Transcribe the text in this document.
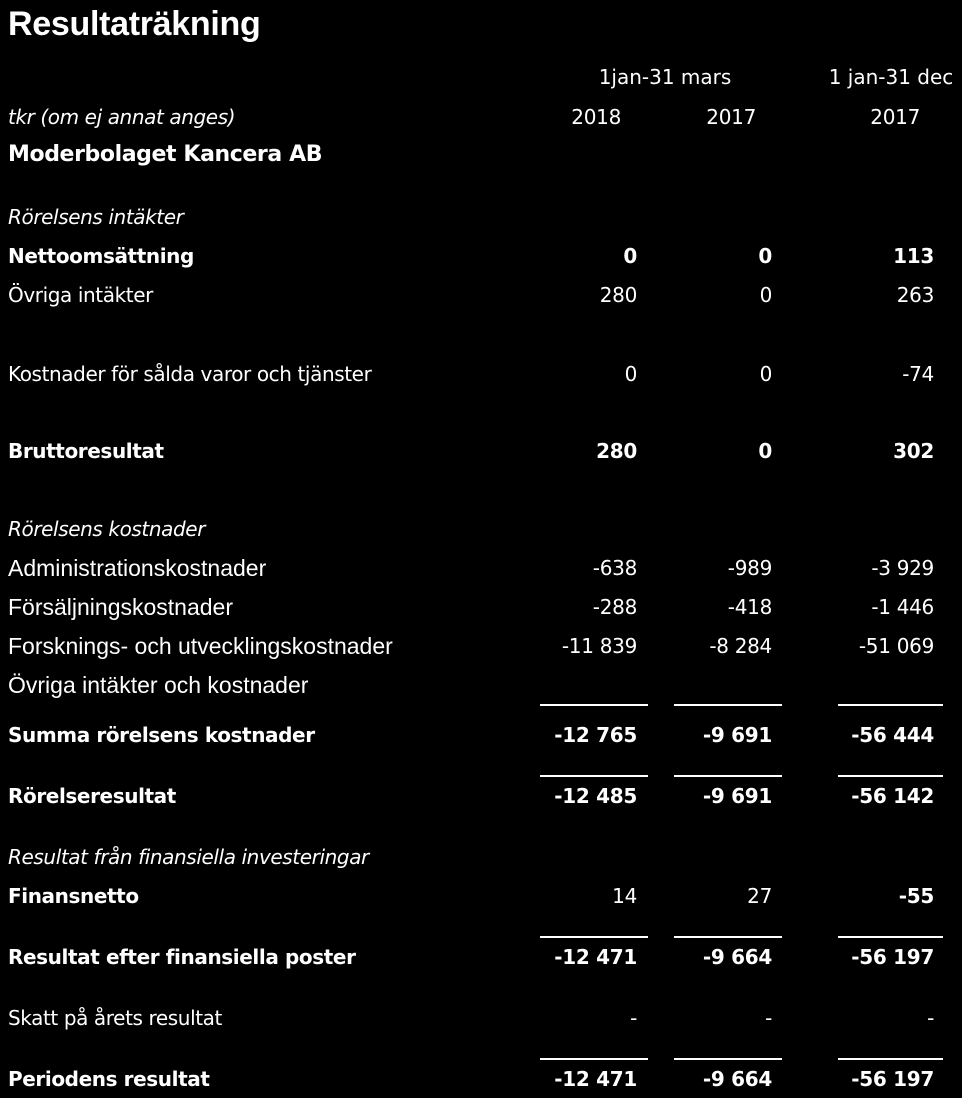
Resultaträkning
1jan-31 mars	1 jan-31 dec
tkr (om ej annat anges)	2018	2017	2017
Moderbolaget Kancera AB
Rörelsens intäkter
Nettoomsättning	0	0	113
Övriga intäkter	280	0	263
Kostnader för sålda varor och tjänster	0	0	-74
Bruttoresultat	280	0	302
Rörelsens kostnader
Administrationskostnader	-638	-989	-3 929
Försäljningskostnader	-288	-418	-1 446
Forsknings- och utvecklingskostnader	-11 839	-8 284	-51 069
Övriga intäkter och kostnader
Summa rörelsens kostnader	-12 765	-9 691	-56 444
Rörelseresultat	-12 485	-9 691	-56 142
Resultat från finansiella investeringar
Finansnetto	14	27	-55
Resultat efter finansiella poster	-12 471	-9 664	-56 197
Skatt på årets resultat	-	-	-
Periodens resultat	-12 471	-9 664	-56 197
